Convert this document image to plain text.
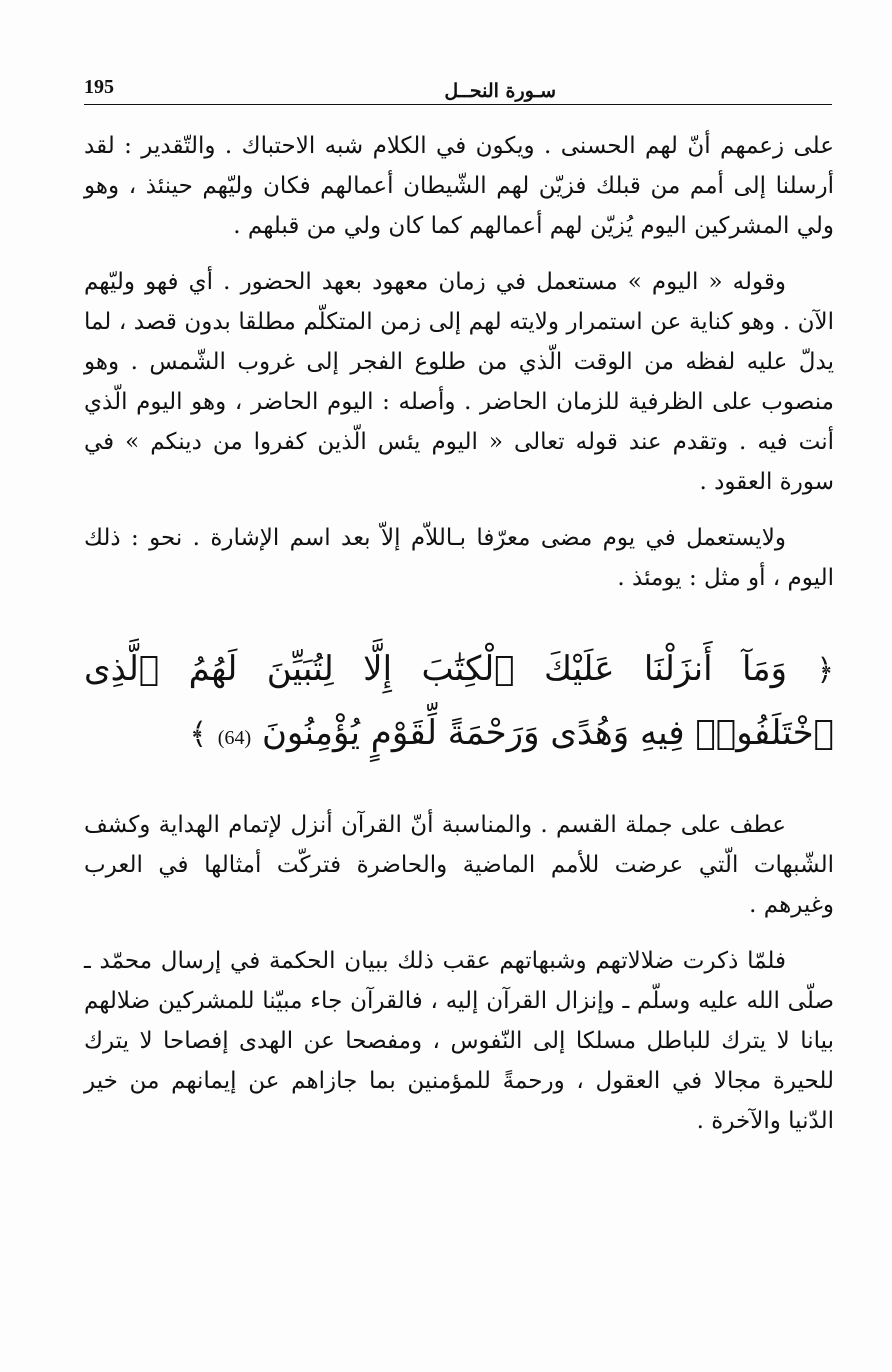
195	سـورة النحــل

على زعمهم أنّ لهم الحسنى . ويكون في الكلام شبه الاحتباك . والتّقدير : لقد أرسلنا إلى أمم من قبلك فزيّن لهم الشّيطان أعمالهم فكان وليّهم حينئذ ، وهو ولي المشركين اليوم يُزيّن لهم أعمالهم كما كان ولي من قبلهم .

وقوله « اليوم » مستعمل في زمان معهود بعهد الحضور . أي فهو وليّهم الآن . وهو كناية عن استمرار ولايته لهم إلى زمن المتكلّم مطلقا بدون قصد ، لما يدلّ عليه لفظه من الوقت الّذي من طلوع الفجر إلى غروب الشّمس . وهو منصوب على الظرفية للزمان الحاضر . وأصله : اليوم الحاضر ، وهو اليوم الّذي أنت فيه . وتقدم عند قوله تعالى « اليوم يئس الّذين كفروا من دينكم » في سورة العقود .

ولايستعمل في يوم مضى معرّفا بـاللاّم إلاّ بعد اسم الإشارة . نحو : ذلك اليوم ، أو مثل : يومئذ .

﴿ وَمَآ أَنزَلْنَا عَلَيْكَ ٱلْكِتَٰبَ إِلَّا لِتُبَيِّنَ لَهُمُ ٱلَّذِى ٱخْتَلَفُوا۟ فِيهِ وَهُدًى وَرَحْمَةً لِّقَوْمٍ يُؤْمِنُونَ (64) ﴾

عطف على جملة القسم . والمناسبة أنّ القرآن أنزل لإتمام الهداية وكشف الشّبهات الّتي عرضت للأمم الماضية والحاضرة فتركّت أمثالها في العرب وغيرهم .

فلمّا ذكرت ضلالاتهم وشبهاتهم عقب ذلك ببيان الحكمة في إرسال محمّد ـ صلّى الله عليه وسلّم ـ وإنزال القرآن إليه ، فالقرآن جاء مبيّنا للمشركين ضلالهم بيانا لا يترك للباطل مسلكا إلى النّفوس ، ومفصحا عن الهدى إفصاحا لا يترك للحيرة مجالا في العقول ، ورحمةً للمؤمنين بما جازاهم عن إيمانهم من خير الدّنيا والآخرة .
